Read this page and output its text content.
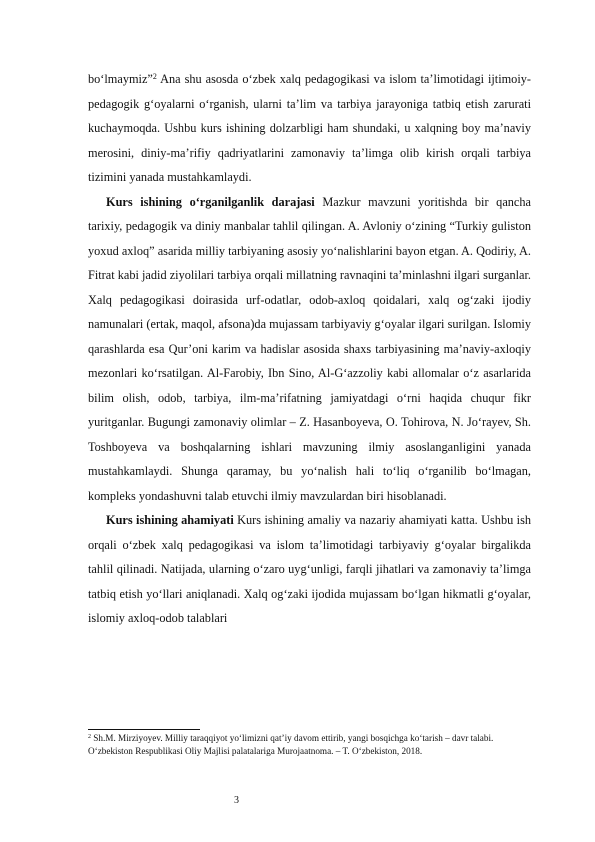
bo‘lmaymiz”$^2$ Ana shu asosda o‘zbek xalq pedagogikasi va islom ta’limotidagi ijtimoiy-pedagogik g‘oyalarni o‘rganish, ularni ta’lim va tarbiya jarayoniga tatbiq etish zarurati kuchaymoqda. Ushbu kurs ishining dolzarbligi ham shundaki, u xalqning boy ma’naviy merosini, diniy-ma’rifiy qadriyatlarini zamonaviy ta’limga olib kirish orqali tarbiya tizimini yanada mustahkamlaydi.

Kurs ishining o‘rganilganlik darajasi Mazkur mavzuni yoritishda bir qancha tarixiy, pedagogik va diniy manbalar tahlil qilingan. A. Avloniy o‘zining “Turkiy guliston yoxud axloq” asarida milliy tarbiyaning asosiy yo‘nalishlarini bayon etgan. A. Qodiriy, A. Fitrat kabi jadid ziyolilari tarbiya orqali millatning ravnaqini ta’minlashni ilgari surganlar. Xalq pedagogikasi doirasida urf-odatlar, odob-axloq qoidalari, xalq og‘zaki ijodiy namunalari (ertak, maqol, afsona)da mujassam tarbiyaviy g‘oyalar ilgari surilgan. Islomiy qarashlarda esa Qur’oni karim va hadislar asosida shaxs tarbiyasining ma’naviy-axloqiy mezonlari ko‘rsatilgan. Al-Farobiy, Ibn Sino, Al-G‘azzoliy kabi allomalar o‘z asarlarida bilim olish, odob, tarbiya, ilm-ma’rifatning jamiyatdagi o‘rni haqida chuqur fikr yuritganlar. Bugungi zamonaviy olimlar – Z. Hasanboyeva, O. Tohirova, N. Jo‘rayev, Sh. Toshboyeva va boshqalarning ishlari mavzuning ilmiy asoslanganligini yanada mustahkamlaydi. Shunga qaramay, bu yo‘nalish hali to‘liq o‘rganilib bo‘lmagan, kompleks yondashuvni talab etuvchi ilmiy mavzulardan biri hisoblanadi.

Kurs ishining ahamiyati Kurs ishining amaliy va nazariy ahamiyati katta. Ushbu ish orqali o‘zbek xalq pedagogikasi va islom ta’limotidagi tarbiyaviy g‘oyalar birgalikda tahlil qilinadi. Natijada, ularning o‘zaro uyg‘unligi, farqli jihatlari va zamonaviy ta’limga tatbiq etish yo‘llari aniqlanadi. Xalq og‘zaki ijodida mujassam bo‘lgan hikmatli g‘oyalar, islomiy axloq-odob talablari

$^2$ Sh.M. Mirziyoyev. Milliy taraqqiyot yo‘limizni qat’iy davom ettirib, yangi bosqichga ko‘tarish – davr talabi. O‘zbekiston Respublikasi Oliy Majlisi palatalariga Murojaatnoma. – T. O‘zbekiston, 2018.
3
